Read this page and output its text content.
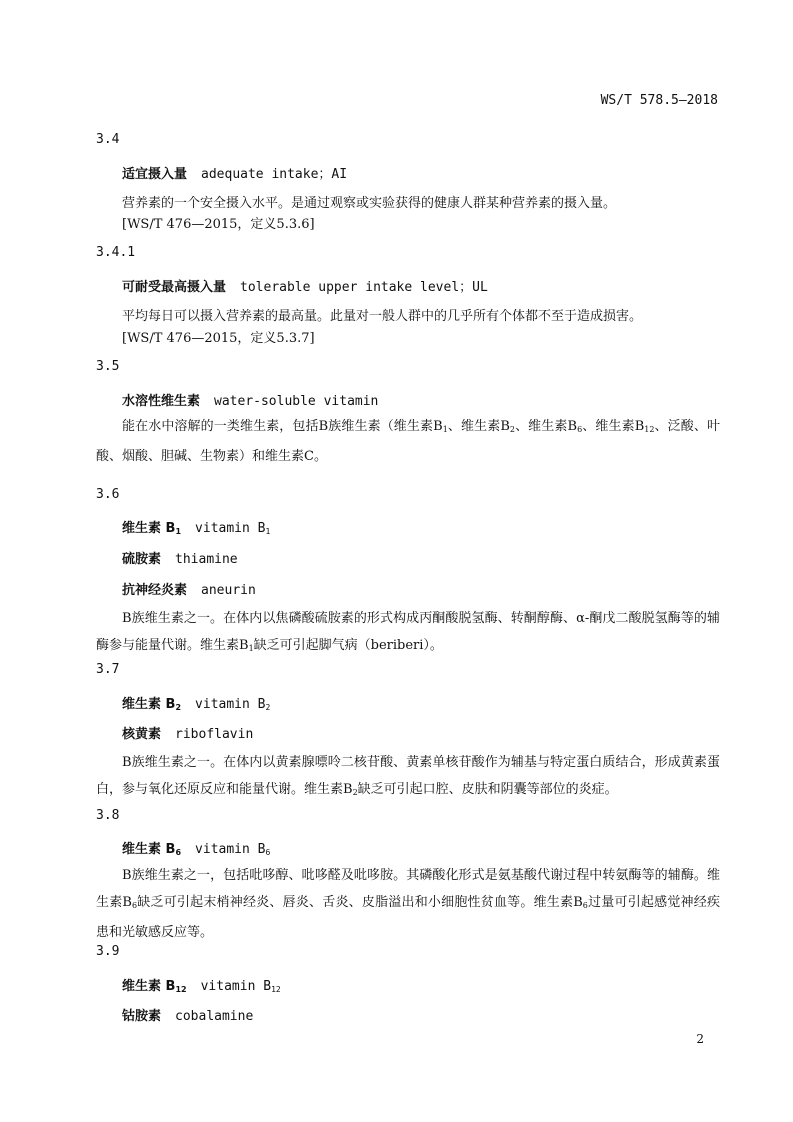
WS/T 578.5—2018
3.4
适宜摄入量 adequate intake；AI
营养素的一个安全摄入水平。是通过观察或实验获得的健康人群某种营养素的摄入量。
[WS/T 476—2015，定义5.3.6]
3.4.1
可耐受最高摄入量 tolerable upper intake level；UL
平均每日可以摄入营养素的最高量。此量对一般人群中的几乎所有个体都不至于造成损害。
[WS/T 476—2015，定义5.3.7]
3.5
水溶性维生素 water-soluble vitamin
能在水中溶解的一类维生素，包括B族维生素（维生素$B_1$、维生素$B_2$、维生素$B_6$、维生素$B_{12}$、泛酸、叶酸、烟酸、胆碱、生物素）和维生素C。
3.6
维生素 $B_1$ vitamin $B_1$
硫胺素 thiamine
抗神经炎素 aneurin
B族维生素之一。在体内以焦磷酸硫胺素的形式构成丙酮酸脱氢酶、转酮醇酶、α-酮戊二酸脱氢酶等的辅酶参与能量代谢。维生素$B_1$缺乏可引起脚气病（beriberi）。
3.7
维生素 $B_2$ vitamin $B_2$
核黄素 riboflavin
B族维生素之一。在体内以黄素腺嘌呤二核苷酸、黄素单核苷酸作为辅基与特定蛋白质结合，形成黄素蛋白，参与氧化还原反应和能量代谢。维生素$B_2$缺乏可引起口腔、皮肤和阴囊等部位的炎症。
3.8
维生素 $B_6$ vitamin $B_6$
B族维生素之一，包括吡哆醇、吡哆醛及吡哆胺。其磷酸化形式是氨基酸代谢过程中转氨酶等的辅酶。维生素$B_6$缺乏可引起末梢神经炎、唇炎、舌炎、皮脂溢出和小细胞性贫血等。维生素$B_6$过量可引起感觉神经疾患和光敏感反应等。
3.9
维生素 $B_{12}$ vitamin $B_{12}$
钴胺素 cobalamine
2
